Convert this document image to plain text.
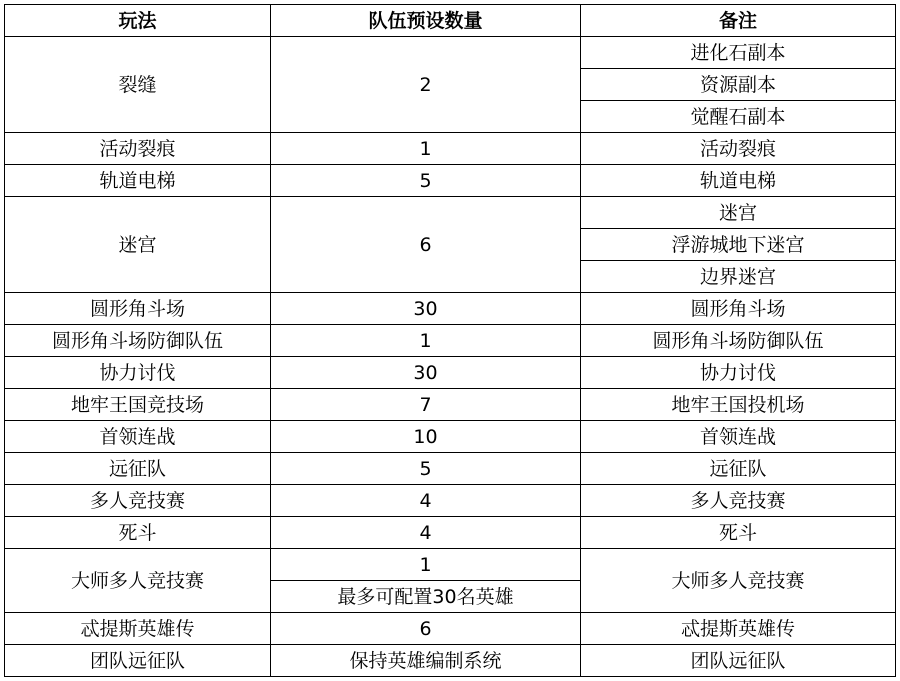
玩法	队伍预设数量	备注
裂缝	2	进化石副本
		资源副本
		觉醒石副本
活动裂痕	1	活动裂痕
轨道电梯	5	轨道电梯
迷宫	6	迷宫
		浮游城地下迷宫
		边界迷宫
圆形角斗场	30	圆形角斗场
圆形角斗场防御队伍	1	圆形角斗场防御队伍
协力讨伐	30	协力讨伐
地牢王国竞技场	7	地牢王国投机场
首领连战	10	首领连战
远征队	5	远征队
多人竞技赛	4	多人竞技赛
死斗	4	死斗
大师多人竞技赛	1	大师多人竞技赛
	最多可配置30名英雄	
忒提斯英雄传	6	忒提斯英雄传
团队远征队	保持英雄编制系统	团队远征队
